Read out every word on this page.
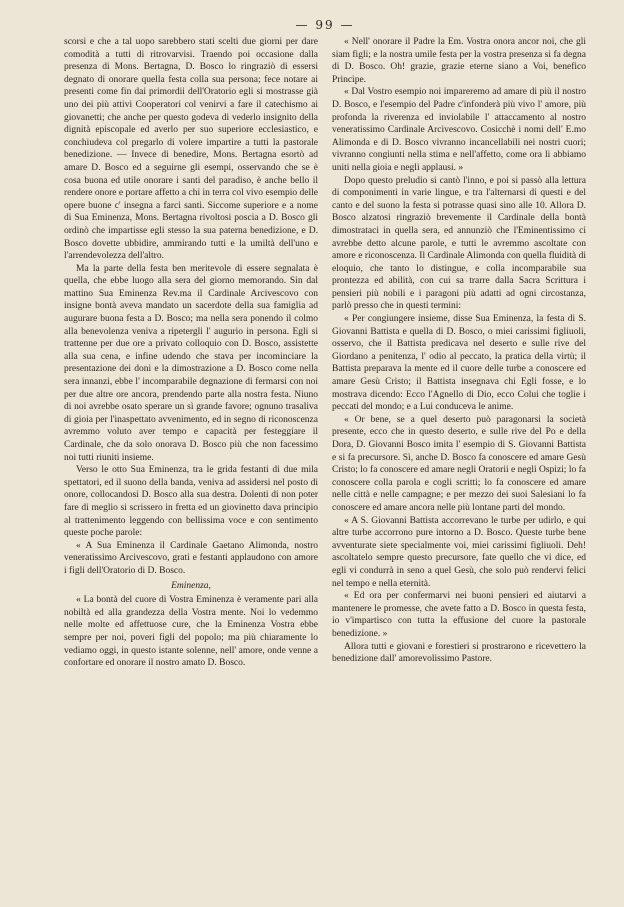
— 99 —

scorsi e che a tal uopo sarebbero stati scelti due giorni per dare comodità a tutti di ritrovarvisi. Traendo poi occasione dalla presenza di Mons. Bertagna, D. Bosco lo ringraziò di essersi degnato di onorare quella festa colla sua persona; fece notare ai presenti come fin dai primordii dell'Oratorio egli si mostrasse già uno dei più attivi Cooperatori col venirvi a fare il catechismo ai giovanetti; che anche per questo godeva di vederlo insignito della dignità episcopale ed averlo per suo superiore ecclesiastico, e conchiudeva col pregarlo di volere impartire a tutti la pastorale benedizione. — Invece di benedire, Mons. Bertagna esortò ad amare D. Bosco ed a seguirne gli esempi, osservando che se è cosa buona ed utile onorare i santi del paradiso, è anche bello il rendere onore e portare affetto a chi in terra col vivo esempio delle opere buone c' insegna a farci santi. Siccome superiore e a nome di Sua Eminenza, Mons. Bertagna rivoltosi poscia a D. Bosco gli ordinò che impartisse egli stesso la sua paterna benedizione, e D. Bosco dovette ubbidire, ammirando tutti e la umiltà dell'uno e l'arrendevolezza dell'altro.

Ma la parte della festa ben meritevole di essere segnalata è quella, che ebbe luogo alla sera del giorno memorando. Sin dal mattino Sua Eminenza Rev.ma il Cardinale Arcivescovo con insigne bontà aveva mandato un sacerdote della sua famiglia ad augurare buona festa a D. Bosco; ma nella sera ponendo il colmo alla benevolenza veniva a ripetergli l' augurio in persona. Egli si trattenne per due ore a privato colloquio con D. Bosco, assistette alla sua cena, e infine udendo che stava per incominciare la presentazione dei doni e la dimostrazione a D. Bosco come nella sera innanzi, ebbe l' incomparabile degnazione di fermarsi con noi per due altre ore ancora, prendendo parte alla nostra festa. Niuno di noi avrebbe osato sperare un sì grande favore; ognuno trasaliva di gioia per l'inaspettato avvenimento, ed in segno di riconoscenza avremmo voluto aver tempo e capacità per festeggiare il Cardinale, che da solo onorava D. Bosco più che non facessimo noi tutti riuniti insieme.

Verso le otto Sua Eminenza, tra le grida festanti di due mila spettatori, ed il suono della banda, veniva ad assidersi nel posto di onore, collocandosi D. Bosco alla sua destra. Dolenti di non poter fare di meglio si scrissero in fretta ed un giovinetto dava principio al trattenimento leggendo con bellissima voce e con sentimento queste poche parole:

« A Sua Eminenza il Cardinale Gaetano Alimonda, nostro veneratissimo Arcivescovo, grati e festanti applaudono con amore i figli dell'Oratorio di D. Bosco.

Eminenza,

« La bontà del cuore di Vostra Eminenza è veramente pari alla nobiltà ed alla grandezza della Vostra mente. Noi lo vedemmo nelle molte ed affettuose cure, che la Eminenza Vostra ebbe sempre per noi, poveri figli del popolo; ma più chiaramente lo vediamo oggi, in questo istante solenne, nell' amore, onde venne a confortare ed onorare il nostro amato D. Bosco.

« Nell' onorare il Padre la Em. Vostra onora ancor noi, che gli siam figli; e la nostra umile festa per la vostra presenza si fa degna di D. Bosco. Oh! grazie, grazie eterne siano a Voi, benefico Principe.

« Dal Vostro esempio noi impareremo ad amare di più il nostro D. Bosco, e l'esempio del Padre c'infonderà più vivo l' amore, più profonda la riverenza ed inviolabile l' attaccamento al nostro veneratissimo Cardinale Arcivescovo. Cosicchè i nomi dell' E.mo Alimonda e di D. Bosco vivranno incancellabili nei nostri cuori; vivranno congiunti nella stima e nell'affetto, come ora li abbiamo uniti nella gioia e negli applausi. »

Dopo questo preludio si cantò l'inno, e poi si passò alla lettura di componimenti in varie lingue, e tra l'alternarsi di questi e del canto e del suono la festa si potrasse quasi sino alle 10. Allora D. Bosco alzatosi ringraziò brevemente il Cardinale della bontà dimostrataci in quella sera, ed annunziò che l'Eminentissimo ci avrebbe detto alcune parole, e tutti le avremmo ascoltate con amore e riconoscenza. Il Cardinale Alimonda con quella fluidità di eloquio, che tanto lo distingue, e colla incomparabile sua prontezza ed abilità, con cui sa trarre dalla Sacra Scrittura i pensieri più nobili e i paragoni più adatti ad ogni circostanza, parlò presso che in questi termini:

« Per congiungere insieme, disse Sua Eminenza, la festa di S. Giovanni Battista e quella di D. Bosco, o miei carissimi figliuoli, osservo, che il Battista predicava nel deserto e sulle rive del Giordano a penitenza, l' odio al peccato, la pratica della virtù; il Battista preparava la mente ed il cuore delle turbe a conoscere ed amare Gesù Cristo; il Battista insegnava chi Egli fosse, e lo mostrava dicendo: Ecco l'Agnello di Dio, ecco Colui che toglie i peccati del mondo; e a Lui conduceva le anime.

« Or bene, se a quel deserto può paragonarsi la società presente, ecco che in questo deserto, e sulle rive del Po e della Dora, D. Giovanni Bosco imita l' esempio di S. Giovanni Battista e si fa precursore. Sì, anche D. Bosco fa conoscere ed amare Gesù Cristo; lo fa conoscere ed amare negli Oratorii e negli Ospizi; lo fa conoscere colla parola e cogli scritti; lo fa conoscere ed amare nelle città e nelle campagne; e per mezzo dei suoi Salesiani lo fa conoscere ed amare ancora nelle più lontane parti del mondo.

« A S. Giovanni Battista accorrevano le turbe per udirlo, e qui altre turbe accorrono pure intorno a D. Bosco. Queste turbe bene avventurate siete specialmente voi, miei carissimi figliuoli. Deh! ascoltatelo sempre questo precursore, fate quello che vi dice, ed egli vi condurrà in seno a quel Gesù, che solo può rendervi felici nel tempo e nella eternità.

« Ed ora per confermarvi nei buoni pensieri ed aiutarvi a mantenere le promesse, che avete fatto a D. Bosco in questa festa, io v'impartisco con tutta la effusione del cuore la pastorale benedizione. »

Allora tutti e giovani e forestieri si prostrarono e ricevettero la benedizione dall' amorevolissimo Pastore.
